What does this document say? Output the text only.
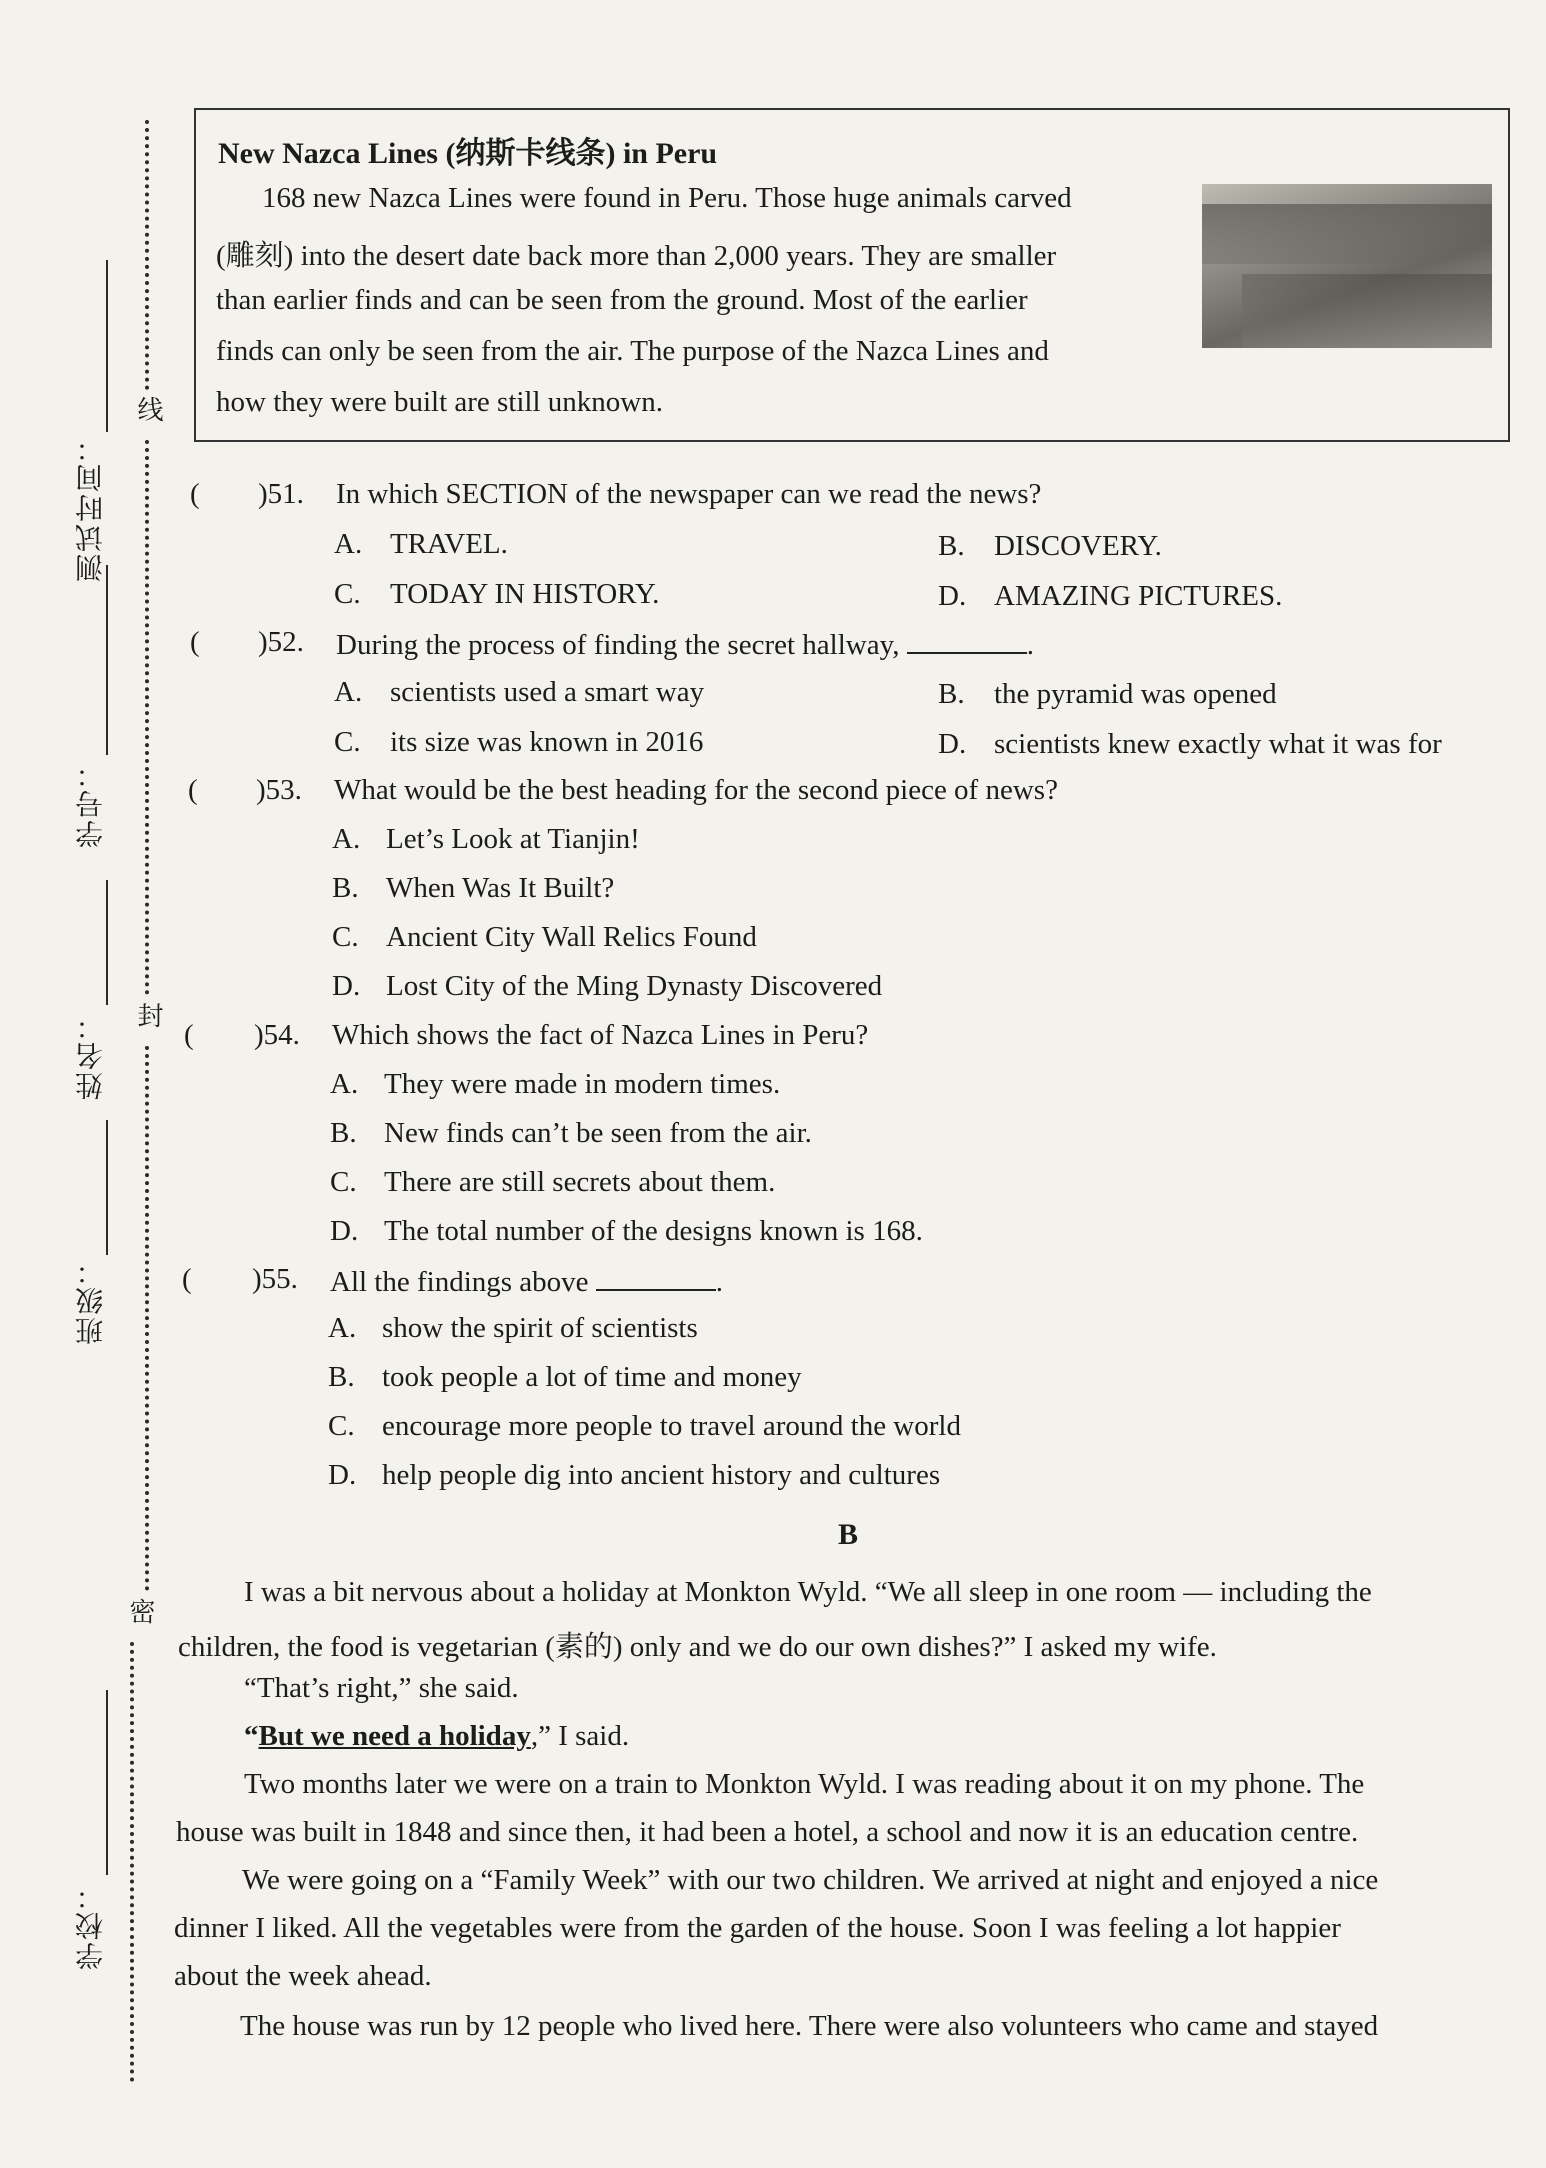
线
封
密
测试时间：
学号：
姓名：
班级：
学校：
New Nazca Lines (纳斯卡线条) in Peru
168 new Nazca Lines were found in Peru. Those huge animals carved
(雕刻) into the desert date back more than 2,000 years. They are smaller
than earlier finds and can be seen from the ground. Most of the earlier
finds can only be seen from the air. The purpose of the Nazca Lines and
how they were built are still unknown.
( )51. In which SECTION of the newspaper can we read the news?
A. TRAVEL.	B. DISCOVERY.
C. TODAY IN HISTORY.	D. AMAZING PICTURES.
( )52. During the process of finding the secret hallway,	.
A. scientists used a smart way	B. the pyramid was opened
C. its size was known in 2016	D. scientists knew exactly what it was for
( )53. What would be the best heading for the second piece of news?
A. Let’s Look at Tianjin!
B. When Was It Built?
C. Ancient City Wall Relics Found
D. Lost City of the Ming Dynasty Discovered
( )54. Which shows the fact of Nazca Lines in Peru?
A. They were made in modern times.
B. New finds can’t be seen from the air.
C. There are still secrets about them.
D. The total number of the designs known is 168.
( )55. All the findings above	.
A. show the spirit of scientists
B. took people a lot of time and money
C. encourage more people to travel around the world
D. help people dig into ancient history and cultures
B
I was a bit nervous about a holiday at Monkton Wyld. “We all sleep in one room — including the
children, the food is vegetarian (素的) only and we do our own dishes?” I asked my wife.
“That’s right,” she said.
“But we need a holiday,” I said.
Two months later we were on a train to Monkton Wyld. I was reading about it on my phone. The
house was built in 1848 and since then, it had been a hotel, a school and now it is an education centre.
We were going on a “Family Week” with our two children. We arrived at night and enjoyed a nice
dinner I liked. All the vegetables were from the garden of the house. Soon I was feeling a lot happier
about the week ahead.
The house was run by 12 people who lived here. There were also volunteers who came and stayed
